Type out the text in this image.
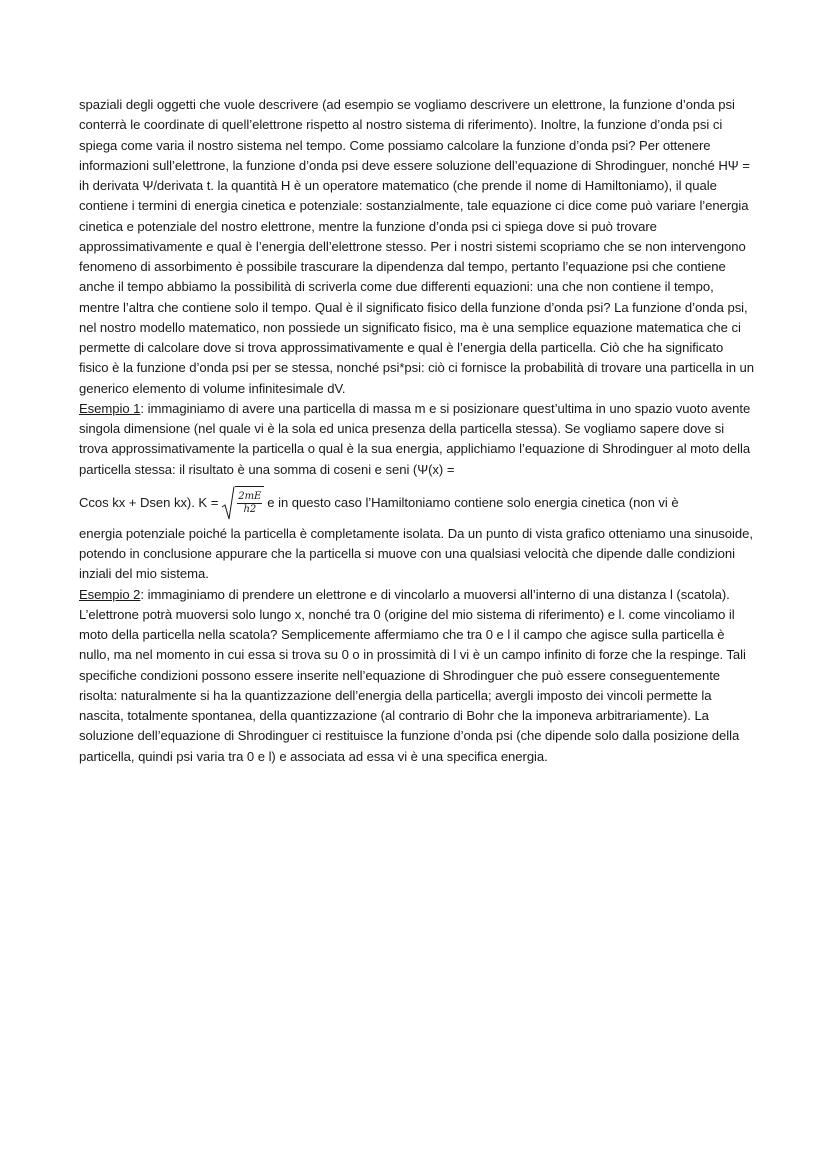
spaziali degli oggetti che vuole descrivere (ad esempio se vogliamo descrivere un elettrone, la funzione d’onda psi conterrà le coordinate di quell’elettrone rispetto al nostro sistema di riferimento). Inoltre, la funzione d’onda psi ci spiega come varia il nostro sistema nel tempo. Come possiamo calcolare la funzione d’onda psi? Per ottenere informazioni sull’elettrone, la funzione d’onda psi deve essere soluzione dell’equazione di Shrodinguer, nonché HΨ = ih derivata Ψ/derivata t. la quantità H è un operatore matematico (che prende il nome di Hamiltoniamo), il quale contiene i termini di energia cinetica e potenziale: sostanzialmente, tale equazione ci dice come può variare l’energia cinetica e potenziale del nostro elettrone, mentre la funzione d’onda psi ci spiega dove si può trovare approssimativamente e qual è l’energia dell’elettrone stesso. Per i nostri sistemi scopriamo che se non intervengono fenomeno di assorbimento è possibile trascurare la dipendenza dal tempo, pertanto l’equazione psi che contiene anche il tempo abbiamo la possibilità di scriverla come due differenti equazioni: una che non contiene il tempo, mentre l’altra che contiene solo il tempo. Qual è il significato fisico della funzione d’onda psi? La funzione d’onda psi, nel nostro modello matematico, non possiede un significato fisico, ma è una semplice equazione matematica che ci permette di calcolare dove si trova approssimativamente e qual è l’energia della particella. Ciò che ha significato fisico è la funzione d’onda psi per se stessa, nonché psi*psi: ciò ci fornisce la probabilità di trovare una particella in un generico elemento di volume infinitesimale dV.

Esempio 1: immaginiamo di avere una particella di massa m e si posizionare quest’ultima in uno spazio vuoto avente singola dimensione (nel quale vi è la sola ed unica presenza della particella stessa). Se vogliamo sapere dove si trova approssimativamente la particella o qual è la sua energia, applichiamo l’equazione di Shrodinguer al moto della particella stessa: il risultato è una somma di coseni e seni (Ψ(x) =

Ccos kx + Dsen kx). $K = \frac{2mE}{h2}$ e in questo caso l’Hamiltoniamo contiene solo energia cinetica (non vi è

energia potenziale poiché la particella è completamente isolata. Da un punto di vista grafico otteniamo una sinusoide, potendo in conclusione appurare che la particella si muove con una qualsiasi velocità che dipende dalle condizioni inziali del mio sistema.

Esempio 2: immaginiamo di prendere un elettrone e di vincolarlo a muoversi all’interno di una distanza l (scatola). L’elettrone potrà muoversi solo lungo x, nonché tra 0 (origine del mio sistema di riferimento) e l. come vincoliamo il moto della particella nella scatola? Semplicemente affermiamo che tra 0 e l il campo che agisce sulla particella è nullo, ma nel momento in cui essa si trova su 0 o in prossimità di l vi è un campo infinito di forze che la respinge. Tali specifiche condizioni possono essere inserite nell’equazione di Shrodinguer che può essere conseguentemente risolta: naturalmente si ha la quantizzazione dell’energia della particella; avergli imposto dei vincoli permette la nascita, totalmente spontanea, della quantizzazione (al contrario di Bohr che la imponeva arbitrariamente). La soluzione dell’equazione di Shrodinguer ci restituisce la funzione d’onda psi (che dipende solo dalla posizione della particella, quindi psi varia tra 0 e l) e associata ad essa vi è una specifica energia.
